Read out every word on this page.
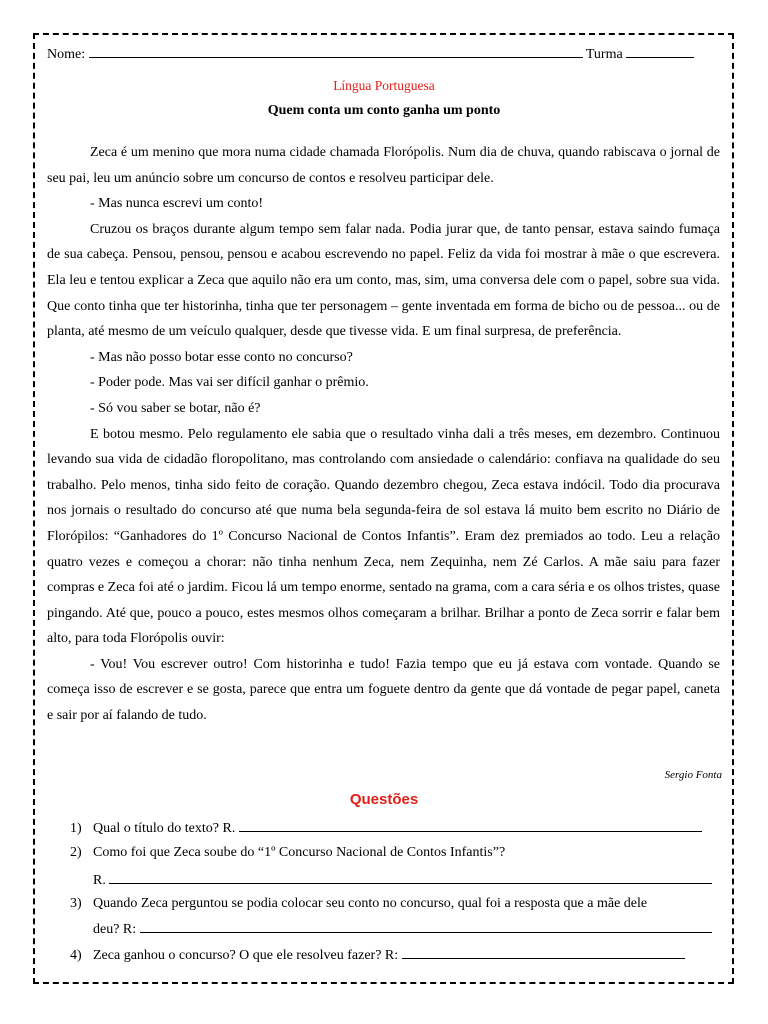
Nome:	Turma
Língua Portuguesa
Quem conta um conto ganha um ponto

Zeca é um menino que mora numa cidade chamada Florópolis. Num dia de chuva, quando rabiscava o jornal de seu pai, leu um anúncio sobre um concurso de contos e resolveu participar dele.

- Mas nunca escrevi um conto!

Cruzou os braços durante algum tempo sem falar nada. Podia jurar que, de tanto pensar, estava saindo fumaça de sua cabeça. Pensou, pensou, pensou e acabou escrevendo no papel. Feliz da vida foi mostrar à mãe o que escrevera. Ela leu e tentou explicar a Zeca que aquilo não era um conto, mas, sim, uma conversa dele com o papel, sobre sua vida. Que conto tinha que ter historinha, tinha que ter personagem – gente inventada em forma de bicho ou de pessoa... ou de planta, até mesmo de um veículo qualquer, desde que tivesse vida. E um final surpresa, de preferência.

- Mas não posso botar esse conto no concurso?

- Poder pode. Mas vai ser difícil ganhar o prêmio.

- Só vou saber se botar, não é?

E botou mesmo. Pelo regulamento ele sabia que o resultado vinha dali a três meses, em dezembro. Continuou levando sua vida de cidadão floropolitano, mas controlando com ansiedade o calendário: confiava na qualidade do seu trabalho. Pelo menos, tinha sido feito de coração. Quando dezembro chegou, Zeca estava indócil. Todo dia procurava nos jornais o resultado do concurso até que numa bela segunda-feira de sol estava lá muito bem escrito no Diário de Florópilos: “Ganhadores do 1º Concurso Nacional de Contos Infantis”. Eram dez premiados ao todo. Leu a relação quatro vezes e começou a chorar: não tinha nenhum Zeca, nem Zequinha, nem Zé Carlos. A mãe saiu para fazer compras e Zeca foi até o jardim. Ficou lá um tempo enorme, sentado na grama, com a cara séria e os olhos tristes, quase pingando. Até que, pouco a pouco, estes mesmos olhos começaram a brilhar. Brilhar a ponto de Zeca sorrir e falar bem alto, para toda Florópolis ouvir:

- Vou! Vou escrever outro! Com historinha e tudo! Fazia tempo que eu já estava com vontade. Quando se começa isso de escrever e se gosta, parece que entra um foguete dentro da gente que dá vontade de pegar papel, caneta e sair por aí falando de tudo.

Sergio Fonta
Questões
1) Qual o título do texto? R.
2) Como foi que Zeca soube do “1º Concurso Nacional de Contos Infantis”?
R.
3) Quando Zeca perguntou se podia colocar seu conto no concurso, qual foi a resposta que a mãe dele
deu? R:
4) Zeca ganhou o concurso? O que ele resolveu fazer? R:
